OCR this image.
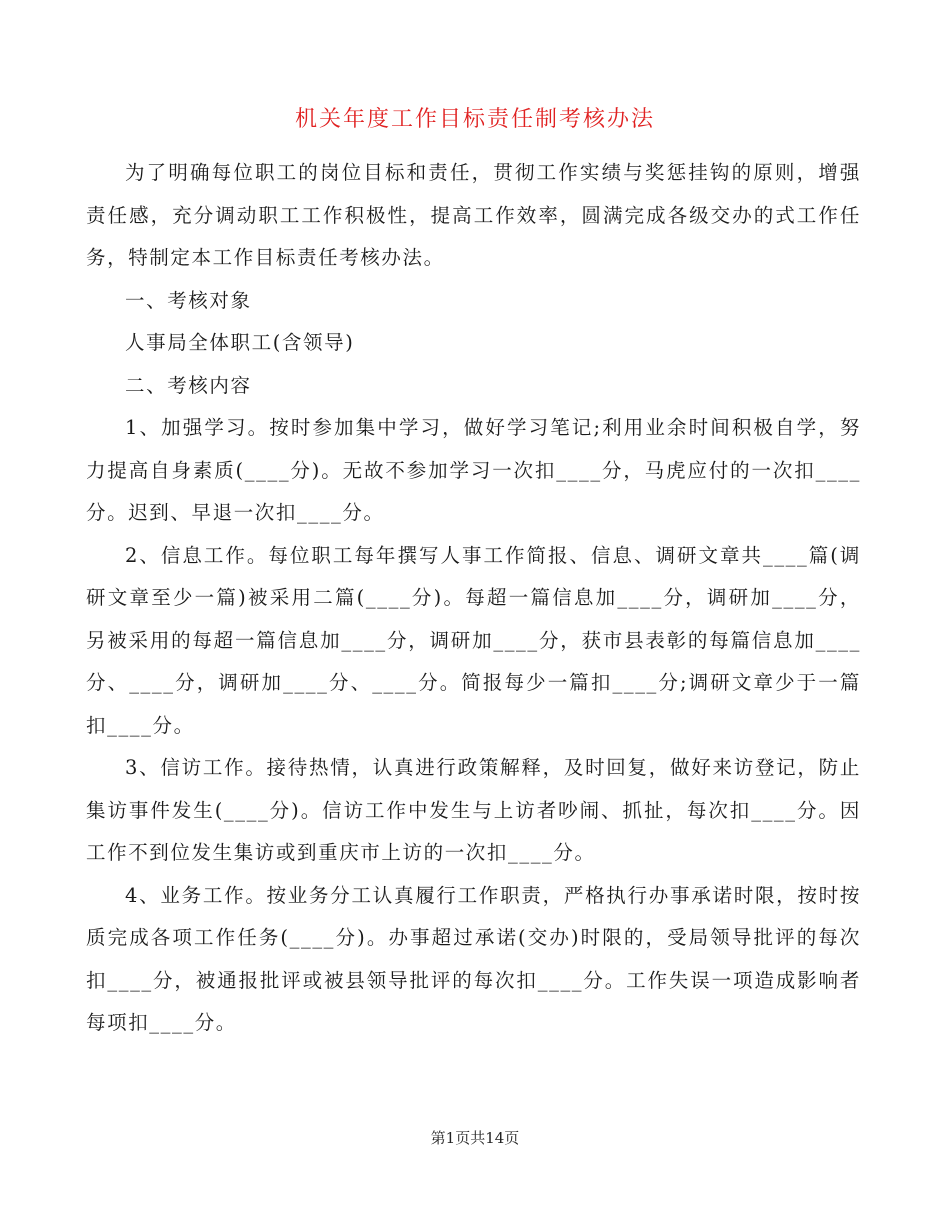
机关年度工作目标责任制考核办法

为了明确每位职工的岗位目标和责任，贯彻工作实绩与奖惩挂钩的原则，增强责任感，充分调动职工工作积极性，提高工作效率，圆满完成各级交办的式工作任务，特制定本工作目标责任考核办法。

一、考核对象

人事局全体职工(含领导)

二、考核内容

1、加强学习。按时参加集中学习，做好学习笔记;利用业余时间积极自学，努力提高自身素质(____分)。无故不参加学习一次扣____分，马虎应付的一次扣____分。迟到、早退一次扣____分。

2、信息工作。每位职工每年撰写人事工作简报、信息、调研文章共____篇(调研文章至少一篇)被采用二篇(____分)。每超一篇信息加____分，调研加____分，另被采用的每超一篇信息加____分，调研加____分，获市县表彰的每篇信息加____分、____分，调研加____分、____分。简报每少一篇扣____分;调研文章少于一篇扣____分。

3、信访工作。接待热情，认真进行政策解释，及时回复，做好来访登记，防止集访事件发生(____分)。信访工作中发生与上访者吵闹、抓扯，每次扣____分。因工作不到位发生集访或到重庆市上访的一次扣____分。

4、业务工作。按业务分工认真履行工作职责，严格执行办事承诺时限，按时按质完成各项工作任务(____分)。办事超过承诺(交办)时限的，受局领导批评的每次扣____分，被通报批评或被县领导批评的每次扣____分。工作失误一项造成影响者每项扣____分。

第1页共14页
